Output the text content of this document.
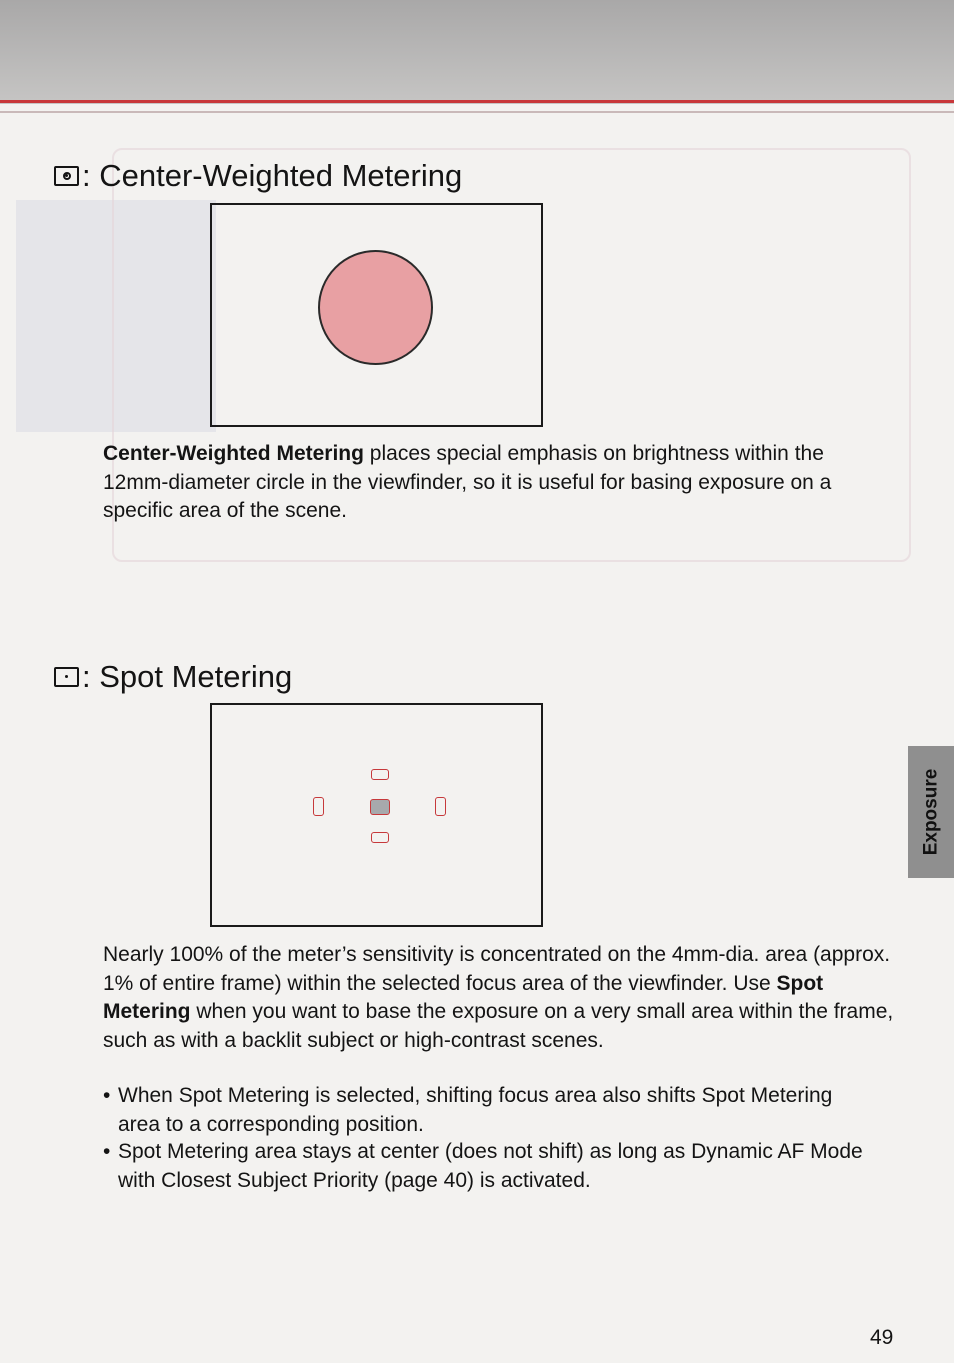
: Center-Weighted Metering
Center-Weighted Metering places special emphasis on brightness within the 12mm-diameter circle in the viewfinder, so it is useful for basing exposure on a specific area of the scene.
: Spot Metering
Nearly 100% of the meter’s sensitivity is concentrated on the 4mm-dia. area (approx. 1% of entire frame) within the selected focus area of the viewfinder. Use Spot Metering when you want to base the exposure on a very small area within the frame, such as with a backlit subject or high-contrast scenes.
• When Spot Metering is selected, shifting focus area also shifts Spot Metering area to a corresponding position.
• Spot Metering area stays at center (does not shift) as long as Dynamic AF Mode with Closest Subject Priority (page 40) is activated.
Exposure
49
